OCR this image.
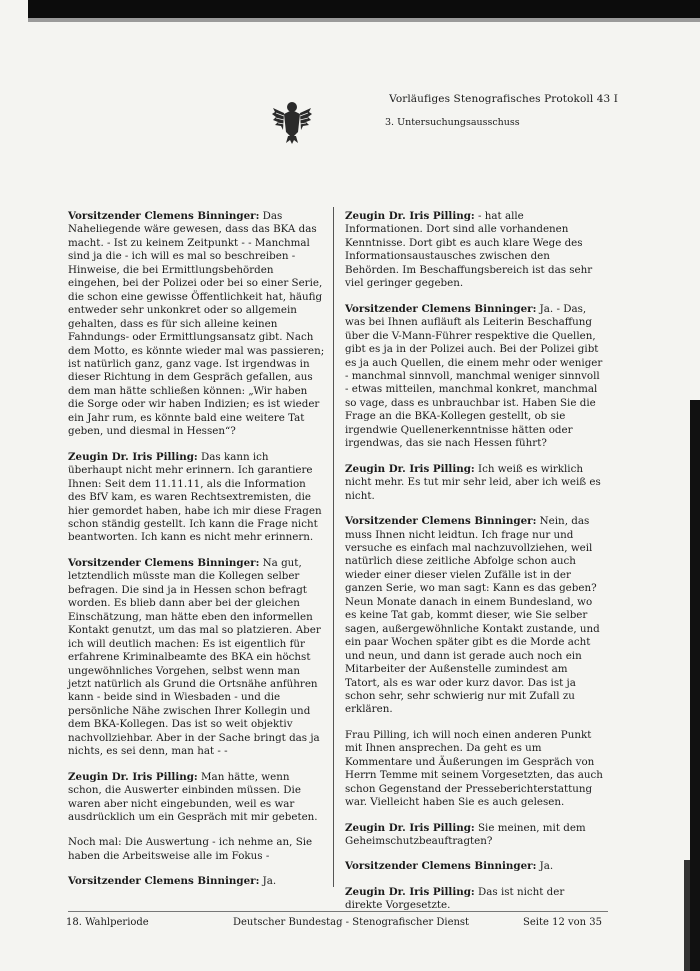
Vorläufiges Stenografisches Protokoll 43 I
3. Untersuchungsausschuss

Vorsitzender Clemens Binninger: Das Naheliegende wäre gewesen, dass das BKA das macht. - Ist zu keinem Zeitpunkt - - Manchmal sind ja die - ich will es mal so beschreiben - Hinweise, die bei Ermittlungsbehörden eingehen, bei der Polizei oder bei so einer Serie, die schon eine gewisse Öffentlichkeit hat, häufig entweder sehr unkonkret oder so allgemein gehalten, dass es für sich alleine keinen Fahndungs- oder Ermittlungsansatz gibt. Nach dem Motto, es könnte wieder mal was passieren; ist natürlich ganz, ganz vage. Ist irgendwas in dieser Richtung in dem Gespräch gefallen, aus dem man hätte schließen können: „Wir haben die Sorge oder wir haben Indizien; es ist wieder ein Jahr rum, es könnte bald eine weitere Tat geben, und diesmal in Hessen“?

Zeugin Dr. Iris Pilling: Das kann ich überhaupt nicht mehr erinnern. Ich garantiere Ihnen: Seit dem 11.11.11, als die Information des BfV kam, es waren Rechtsextremisten, die hier gemordet haben, habe ich mir diese Fragen schon ständig gestellt. Ich kann die Frage nicht beantworten. Ich kann es nicht mehr erinnern.

Vorsitzender Clemens Binninger: Na gut, letztendlich müsste man die Kollegen selber befragen. Die sind ja in Hessen schon befragt worden. Es blieb dann aber bei der gleichen Einschätzung, man hätte eben den informellen Kontakt genutzt, um das mal so platzieren. Aber ich will deutlich machen: Es ist eigentlich für erfahrene Kriminalbeamte des BKA ein höchst ungewöhnliches Vorgehen, selbst wenn man jetzt natürlich als Grund die Ortsnähe anführen kann - beide sind in Wiesbaden - und die persönliche Nähe zwischen Ihrer Kollegin und dem BKA-Kollegen. Das ist so weit objektiv nachvollziehbar. Aber in der Sache bringt das ja nichts, es sei denn, man hat - -

Zeugin Dr. Iris Pilling: Man hätte, wenn schon, die Auswerter einbinden müssen. Die waren aber nicht eingebunden, weil es war ausdrücklich um ein Gespräch mit mir gebeten.

Noch mal: Die Auswertung - ich nehme an, Sie haben die Arbeitsweise alle im Fokus -

Vorsitzender Clemens Binninger: Ja.

Zeugin Dr. Iris Pilling: - hat alle Informationen. Dort sind alle vorhandenen Kenntnisse. Dort gibt es auch klare Wege des Informationsaustausches zwischen den Behörden. Im Beschaffungsbereich ist das sehr viel geringer gegeben.

Vorsitzender Clemens Binninger: Ja. - Das, was bei Ihnen aufläuft als Leiterin Beschaffung über die V-Mann-Führer respektive die Quellen, gibt es ja in der Polizei auch. Bei der Polizei gibt es ja auch Quellen, die einem mehr oder weniger - manchmal sinnvoll, manchmal weniger sinnvoll - etwas mitteilen, manchmal konkret, manchmal so vage, dass es unbrauchbar ist. Haben Sie die Frage an die BKA-Kollegen gestellt, ob sie irgendwie Quellenerkenntnisse hätten oder irgendwas, das sie nach Hessen führt?

Zeugin Dr. Iris Pilling: Ich weiß es wirklich nicht mehr. Es tut mir sehr leid, aber ich weiß es nicht.

Vorsitzender Clemens Binninger: Nein, das muss Ihnen nicht leidtun. Ich frage nur und versuche es einfach mal nachzuvollziehen, weil natürlich diese zeitliche Abfolge schon auch wieder einer dieser vielen Zufälle ist in der ganzen Serie, wo man sagt: Kann es das geben? Neun Monate danach in einem Bundesland, wo es keine Tat gab, kommt dieser, wie Sie selber sagen, außergewöhnliche Kontakt zustande, und ein paar Wochen später gibt es die Morde acht und neun, und dann ist gerade auch noch ein Mitarbeiter der Außenstelle zumindest am Tatort, als es war oder kurz davor. Das ist ja schon sehr, sehr schwierig nur mit Zufall zu erklären.

Frau Pilling, ich will noch einen anderen Punkt mit Ihnen ansprechen. Da geht es um Kommentare und Äußerungen im Gespräch von Herrn Temme mit seinem Vorgesetzten, das auch schon Gegenstand der Presseberichterstattung war. Vielleicht haben Sie es auch gelesen.

Zeugin Dr. Iris Pilling: Sie meinen, mit dem Geheimschutzbeauftragten?

Vorsitzender Clemens Binninger: Ja.

Zeugin Dr. Iris Pilling: Das ist nicht der direkte Vorgesetzte.

18. Wahlperiode	Deutscher Bundestag - Stenografischer Dienst	Seite 12 von 35
